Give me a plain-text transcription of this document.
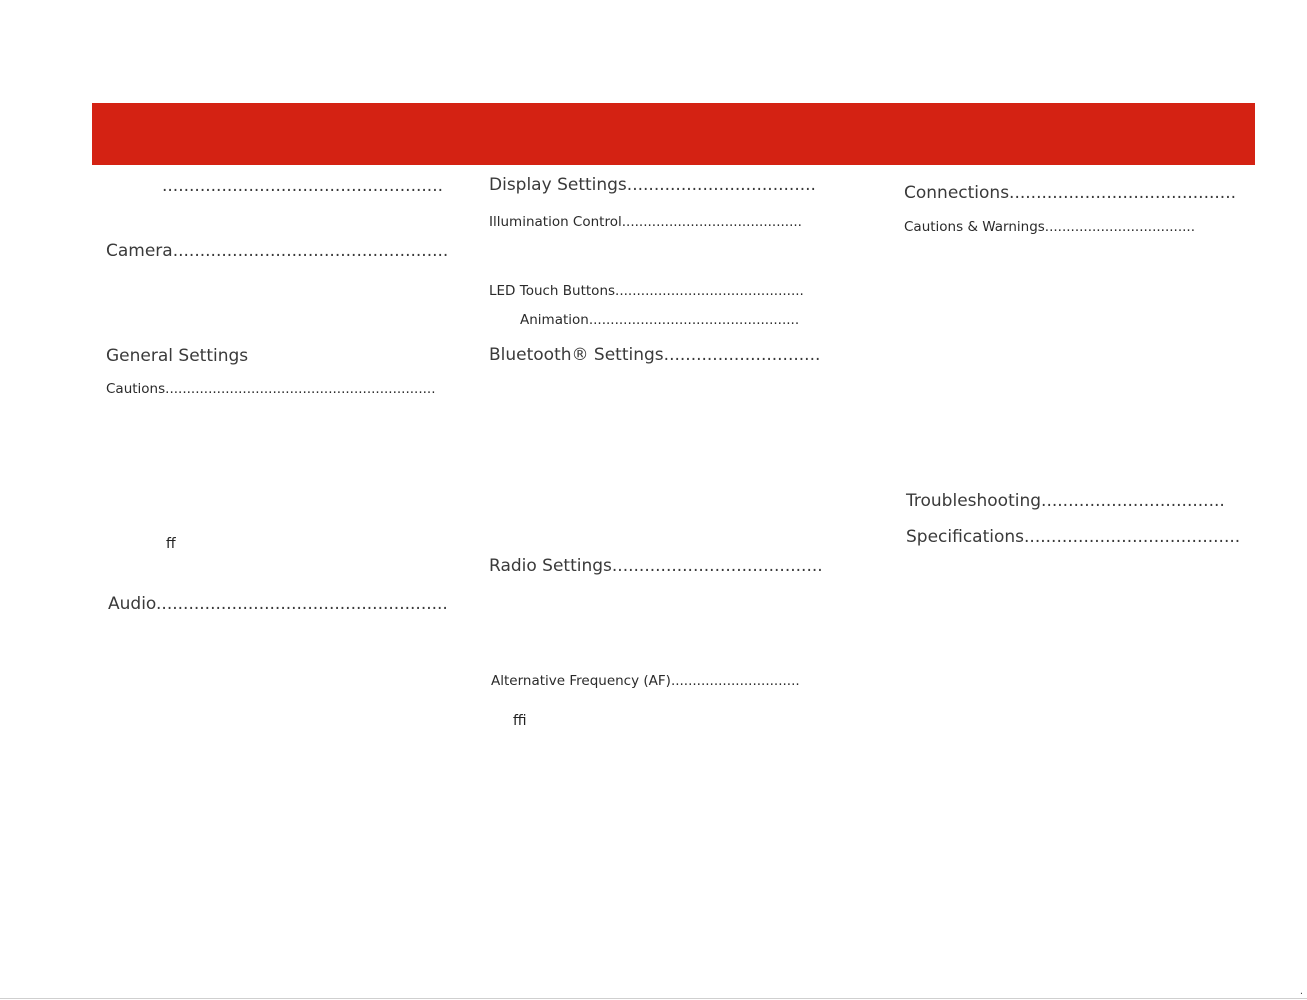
....................................................
Camera...................................................
General Settings
Cautions...............................................................
ff
Audio......................................................
Display Settings...................................
Illumination Control..........................................
LED Touch Buttons............................................
Animation.................................................
Bluetooth® Settings.............................
Radio Settings.......................................
Alternative Frequency (AF)..............................
ffi
Connections..........................................
Cautions & Warnings...................................
Troubleshooting..................................
Specifications........................................
.
